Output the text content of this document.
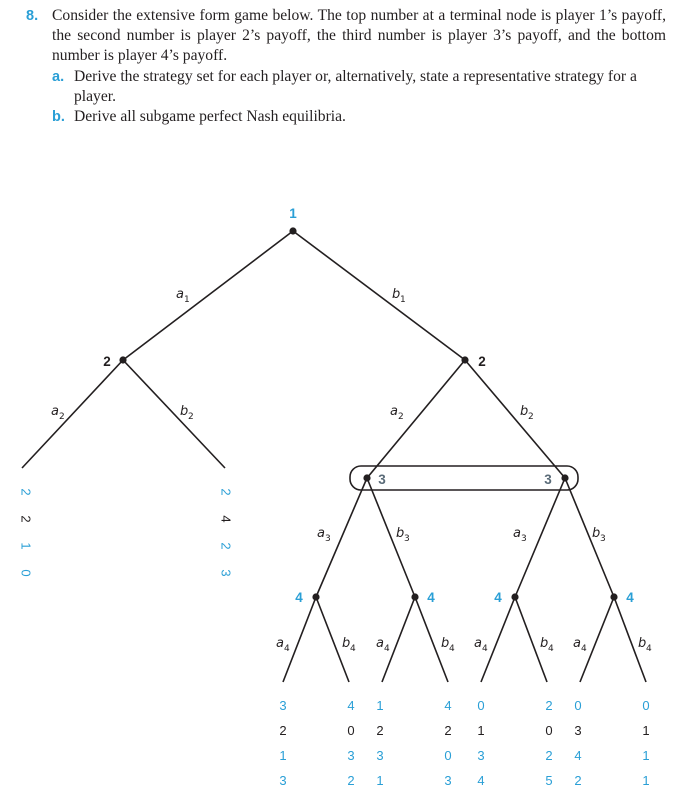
8. Consider the extensive form game below. The top number at a terminal node is player 1’s payoff, the second number is player 2’s payoff, the third number is player 3’s payoff, and the bottom number is player 4’s payoff.
a. Derive the strategy set for each player or, alternatively, state a representative strategy for a player.
b. Derive all subgame perfect Nash equilibria.
1
2	2
3	3
4	4	4	4
a 1	b 1
a 2	b 2	a 2	b 2
a 3	b 3	a 3	b 3
a 4	b 4 a 4	b 4 a 4	b 4 a 4	b 4
2
2
1
0
2
4
2
3
3
2
1
3
4
0
3
2
1
2
3
1
4
2
0
3
0
1
3
4
2
0
2
5
0
3
4
2
0
1
1
1
